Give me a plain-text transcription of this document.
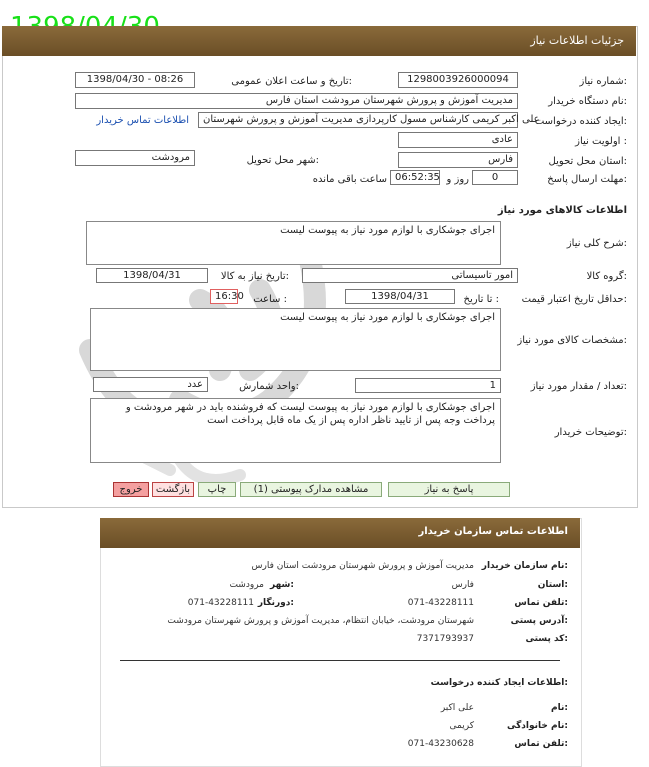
جزئیات اطلاعات نیاز
شماره نیاز:
1298003926000094
تاریخ و ساعت اعلان عمومی:
1398/04/30 - 08:26
نام دستگاه خریدار:
مدیریت آموزش و پرورش شهرستان مرودشت استان فارس
ایجاد کننده درخواست:
علی اکبر کریمی کارشناس مسول کارپردازی مدیریت آموزش و پرورش شهرستان
اطلاعات تماس خریدار
اولویت نیاز :
عادی
استان محل تحویل:
فارس
شهر محل تحویل:
مرودشت
مهلت ارسال پاسخ:
0
روز و
06:52:35
ساعت باقی مانده
اطلاعات کالاهای مورد نیاز
شرح کلی نیاز:
اجرای جوشکاری با لوازم مورد نیاز به پیوست لیست
گروه کالا:
امور تاسیساتی
تاریخ نیاز به کالا:
1398/04/31
حداقل تاریخ اعتبار قیمت:
تا تاریخ :
1398/04/31
ساعت :
16:30
مشخصات کالای مورد نیاز:
اجرای جوشکاری با لوازم مورد نیاز به پیوست لیست
تعداد / مقدار مورد نیاز:
1
واحد شمارش:
عدد
توضیحات خریدار:
اجرای جوشکاری با لوازم مورد نیاز به پیوست لیست که فروشنده باید در شهر مرودشت و پرداخت وجه پس از تایید ناظر اداره پس از یک ماه قابل پرداخت است
پاسخ به نیاز
مشاهده مدارک پیوستی (1)
چاپ
بازگشت
خروج
اطلاعات تماس سازمان خریدار
نام سازمان خریدار:
مدیریت آموزش و پرورش شهرستان مرودشت استان فارس
استان:
فارس
شهر:
مرودشت
تلفن تماس:
071-43228111
دورنگار:
071-43228111
آدرس پستی:
شهرستان مرودشت، خیابان انتظام، مدیریت آموزش و پرورش شهرستان مرودشت
کد پستی:
7371793937
اطلاعات ایجاد کننده درخواست:
نام:
علی اکبر
نام خانوادگی:
کریمی
تلفن تماس:
071-43230628
